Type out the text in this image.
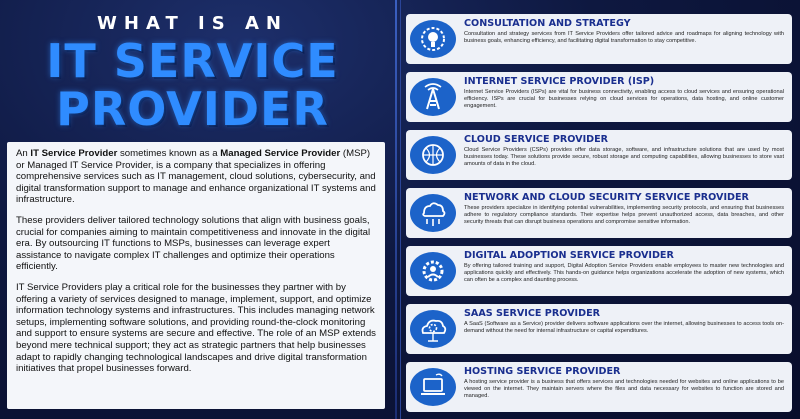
WHAT IS AN
IT SERVICE
PROVIDER

An IT Service Provider sometimes known as a Managed Service Provider (MSP) or Managed IT Service Provider, is a company that specializes in offering comprehensive services such as IT management, cloud solutions, cybersecurity, and digital transformation support to manage and enhance organizational IT systems and infrastructure.

These providers deliver tailored technology solutions that align with business goals, crucial for companies aiming to maintain competitiveness and innovate in the digital era. By outsourcing IT functions to MSPs, businesses can leverage expert assistance to navigate complex IT challenges and optimize their operations efficiently.

IT Service Providers play a critical role for the businesses they partner with by offering a variety of services designed to manage, implement, support, and optimize information technology systems and infrastructures. This includes managing network setups, implementing software solutions, and providing round-the-clock monitoring and support to ensure systems are secure and effective. The role of an MSP extends beyond mere technical support; they act as strategic partners that help businesses adapt to rapidly changing technological landscapes and drive digital transformation initiatives that propel businesses forward.

CONSULTATION AND STRATEGY
Consultation and strategy services from IT Service Providers offer tailored advice and roadmaps for aligning technology with business goals, enhancing efficiency, and facilitating digital transformation to stay competitive.
INTERNET SERVICE PROVIDER (ISP)
Internet Service Providers (ISPs) are vital for business connectivity, enabling access to cloud services and ensuring operational efficiency. ISPs are crucial for businesses relying on cloud services for operations, data hosting, and online customer engagement.
CLOUD SERVICE PROVIDER
Cloud Service Providers (CSPs) provides offer data storage, software, and infrastructure solutions that are used by most businesses today. These solutions provide secure, robust storage and computing capabilities, allowing businesses to store vast amounts of data in the cloud.
NETWORK AND CLOUD SECURITY SERVICE PROVIDER
These providers specialize in identifying potential vulnerabilities, implementing security protocols, and ensuring that businesses adhere to regulatory compliance standards. Their expertise helps prevent unauthorized access, data breaches, and other security threats that can disrupt business operations and compromise sensitive information.
DIGITAL ADOPTION SERVICE PROVIDER
By offering tailored training and support, Digital Adoption Service Providers enable employees to master new technologies and applications quickly and effectively. This hands-on guidance helps organizations accelerate the adoption of new systems, which can often be a complex and daunting process.
SAAS SERVICE PROVIDER
A SaaS (Software as a Service) provider delivers software applications over the internet, allowing businesses to access tools on-demand without the need for internal infrastructure or capital expenditures.
HOSTING SERVICE PROVIDER
A hosting service provider is a business that offers services and technologies needed for websites and online applications to be viewed on the internet. They maintain servers where the files and data necessary for websites to function are stored and managed.
